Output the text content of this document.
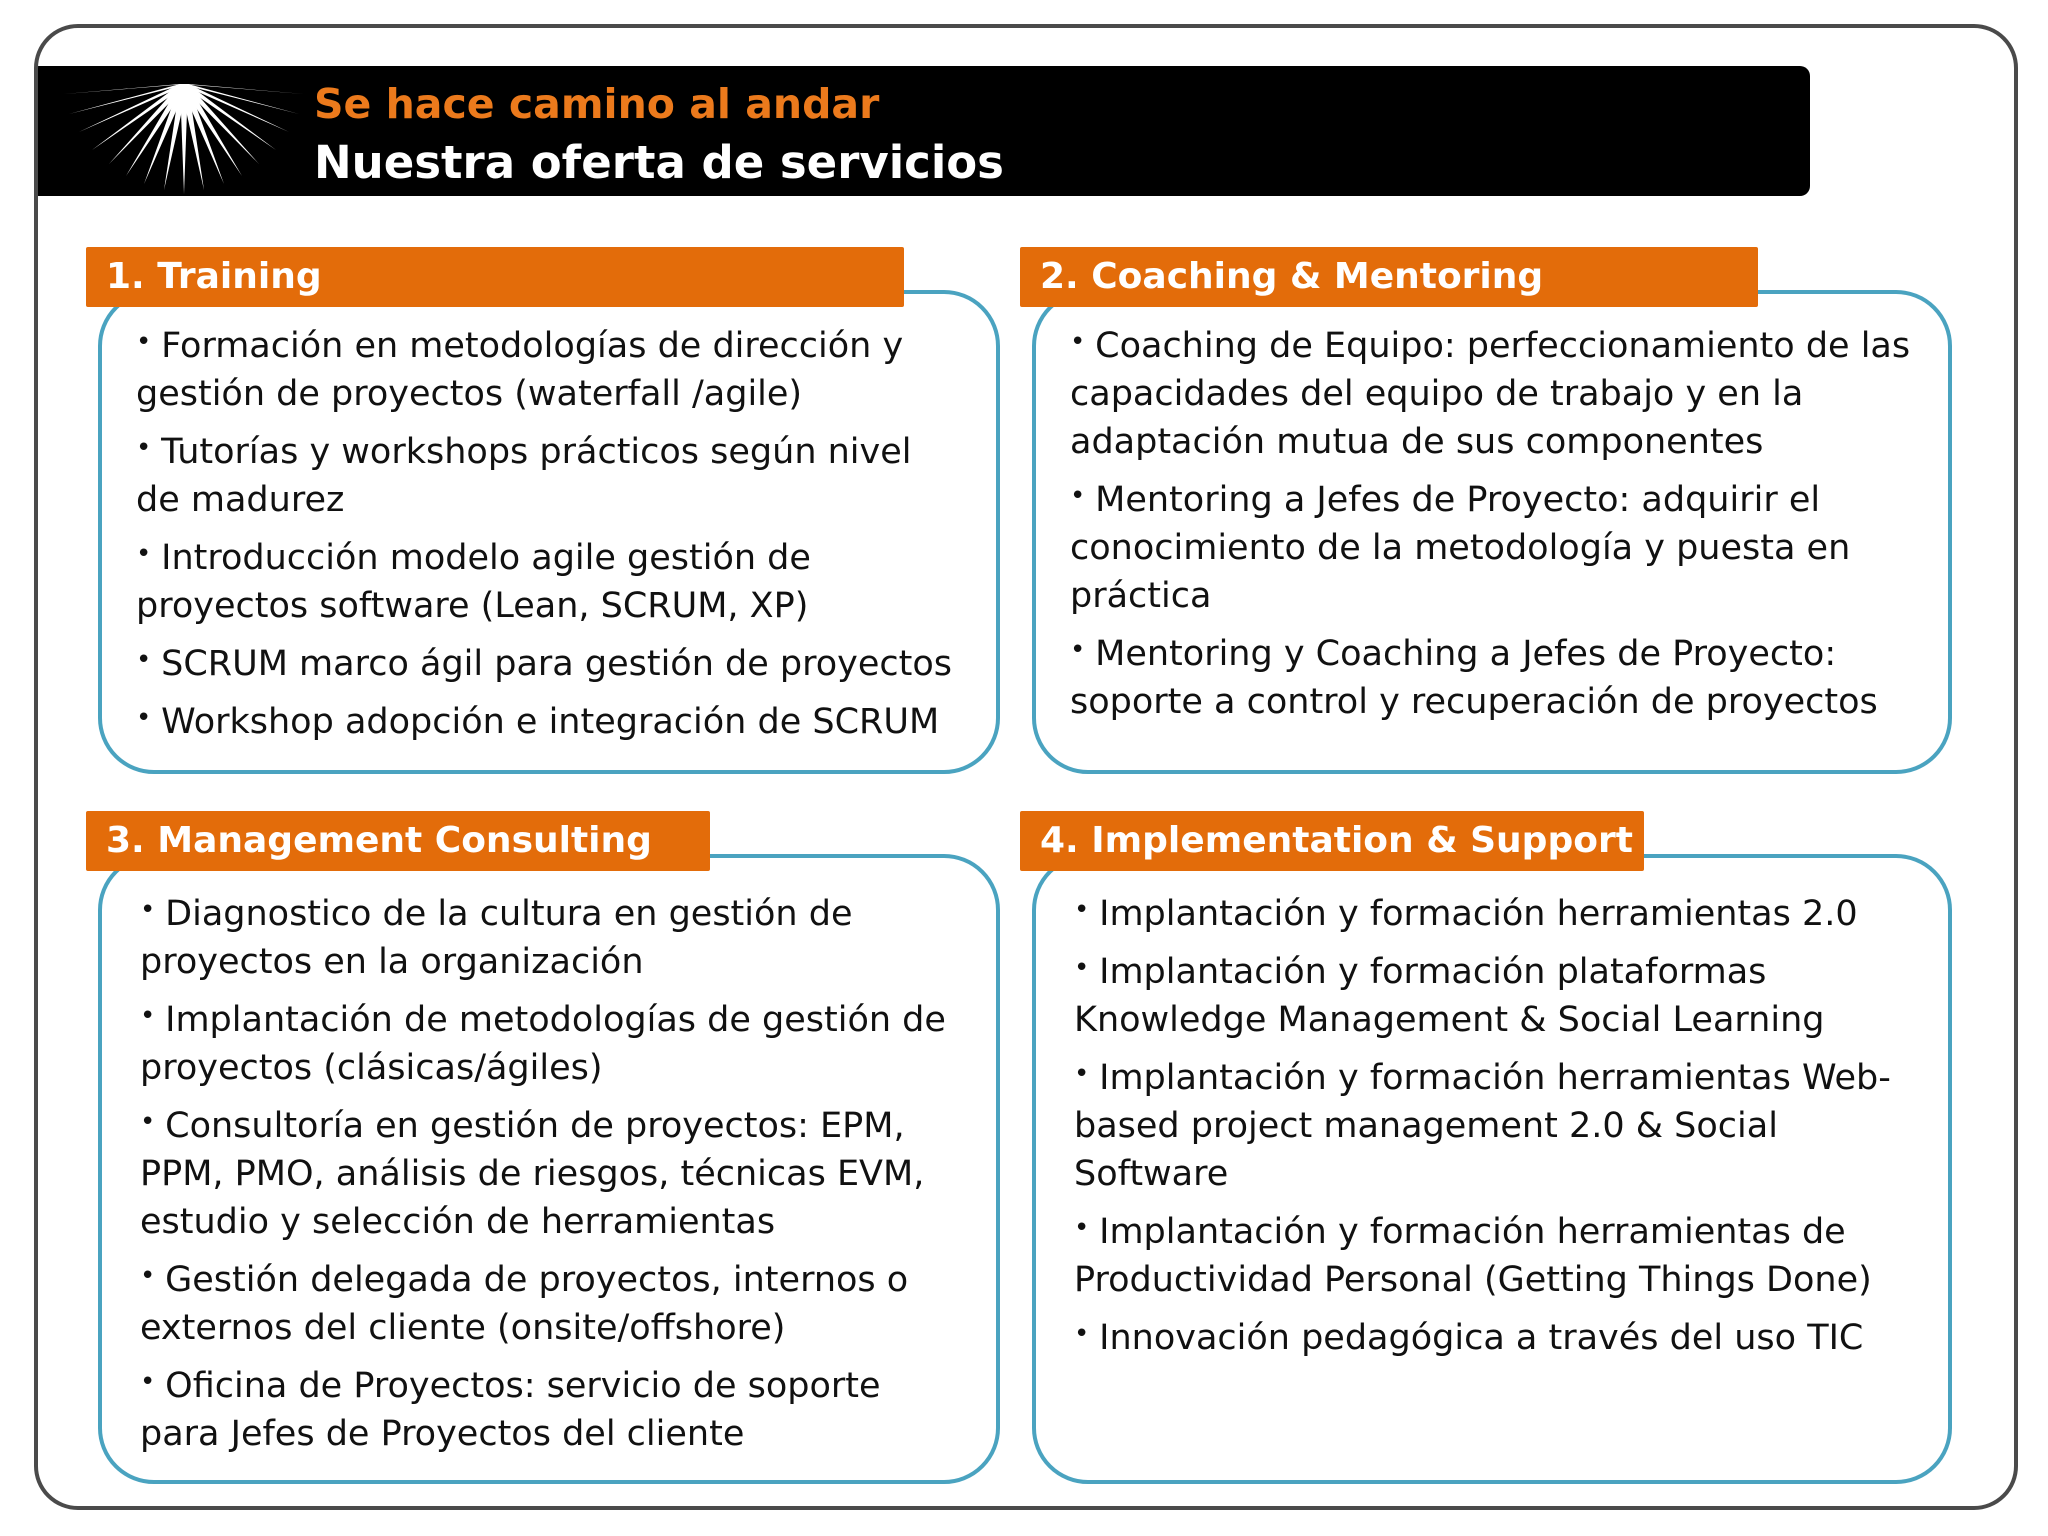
Se hace camino al andar
Nuestra oferta de servicios
1. Training
• Formación en metodologías de dirección y gestión de proyectos (waterfall /agile)
• Tutorías y workshops prácticos según nivel de madurez
• Introducción modelo agile gestión de proyectos software (Lean, SCRUM, XP)
• SCRUM marco ágil para gestión de proyectos
• Workshop adopción e integración de SCRUM
2. Coaching & Mentoring
• Coaching de Equipo: perfeccionamiento de las capacidades del equipo de trabajo y en la adaptación mutua de sus componentes
• Mentoring a Jefes de Proyecto: adquirir el conocimiento de la metodología y puesta en práctica
• Mentoring y Coaching a Jefes de Proyecto: soporte a control y recuperación de proyectos
3. Management Consulting
• Diagnostico de la cultura en gestión de proyectos en la organización
• Implantación de metodologías de gestión de proyectos (clásicas/ágiles)
• Consultoría en gestión de proyectos: EPM, PPM, PMO, análisis de riesgos, técnicas EVM, estudio y selección de herramientas
• Gestión delegada de proyectos, internos o externos del cliente (onsite/offshore)
• Oficina de Proyectos: servicio de soporte para Jefes de Proyectos del cliente
4. Implementation & Support
• Implantación y formación herramientas 2.0
• Implantación y formación plataformas Knowledge Management & Social Learning
• Implantación y formación herramientas Web-based project management 2.0 & Social Software
• Implantación y formación herramientas de Productividad Personal (Getting Things Done)
• Innovación pedagógica a través del uso TIC
